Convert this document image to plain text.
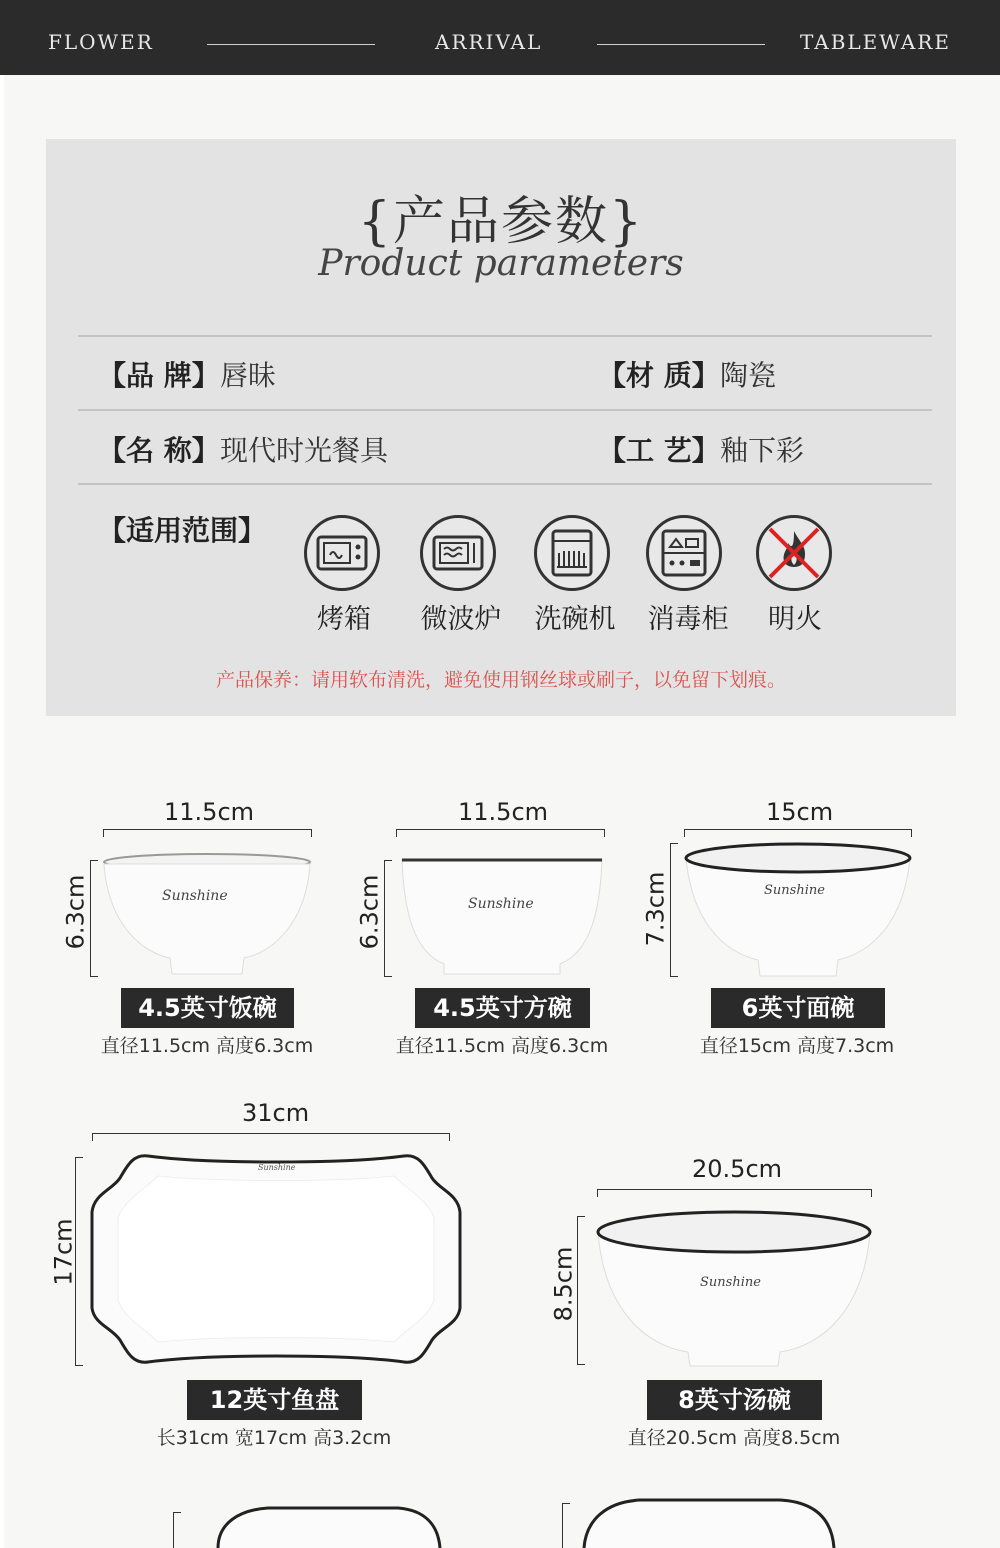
FLOWER	ARRIVAL	TABLEWARE
{产品参数}
Product parameters
【品 牌】 唇昧	【材 质】 陶瓷
【名 称】 现代时光餐具	【工 艺】 釉下彩
【适用范围】
烤箱	微波炉	洗碗机	消毒柜	明火
产品保养：请用软布清洗，避免使用钢丝球或刷子，以免留下划痕。
11.5cm
6.3cm	Sunshine
4.5英寸饭碗
直径11.5cm 高度6.3cm
11.5cm
6.3cm	Sunshine
4.5英寸方碗
直径11.5cm 高度6.3cm
15cm
7.3cm	Sunshine
6英寸面碗
直径15cm 高度7.3cm
31cm
17cm
Sunshine
12英寸鱼盘
长31cm 宽17cm 高3.2cm
20.5cm
8.5cm	Sunshine
8英寸汤碗
直径20.5cm 高度8.5cm
